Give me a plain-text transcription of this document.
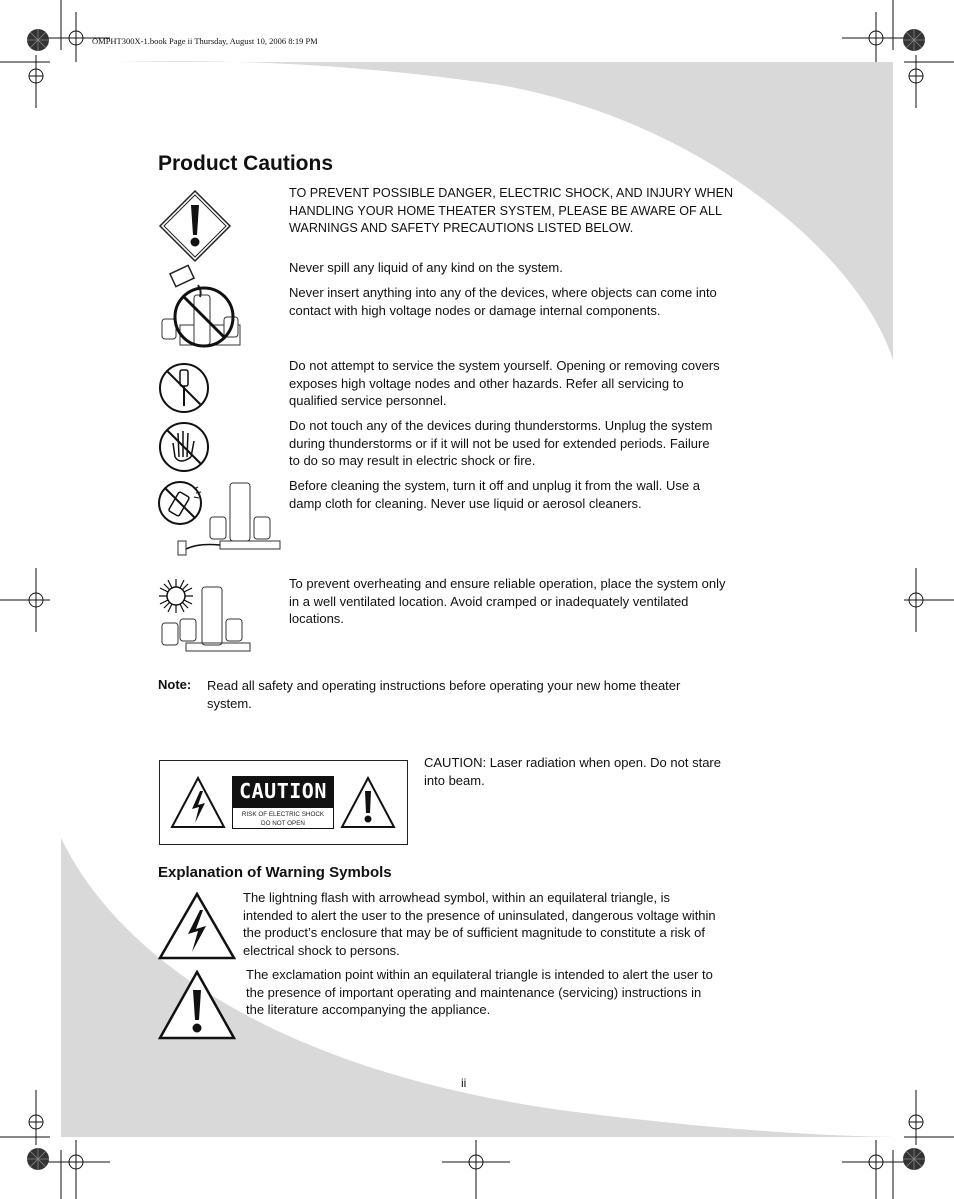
OMPHT300X-1.book Page ii Thursday, August 10, 2006 8:19 PM
Product Cautions

TO PREVENT POSSIBLE DANGER, ELECTRIC SHOCK, AND INJURY WHEN

HANDLING YOUR HOME THEATER SYSTEM, PLEASE BE AWARE OF ALL

WARNINGS AND SAFETY PRECAUTIONS LISTED BELOW.

Never spill any liquid of any kind on the system.

Never insert anything into any of the devices, where objects can come into

contact with high voltage nodes or damage internal components.

Do not attempt to service the system yourself. Opening or removing covers

exposes high voltage nodes and other hazards. Refer all servicing to

qualified service personnel.

Do not touch any of the devices during thunderstorms. Unplug the system

during thunderstorms or if it will not be used for extended periods. Failure

to do so may result in electric shock or fire.

Before cleaning the system, turn it off and unplug it from the wall. Use a

damp cloth for cleaning. Never use liquid or aerosol cleaners.

To prevent overheating and ensure reliable operation, place the system only

in a well ventilated location. Avoid cramped or inadequately ventilated

locations.

Note: Read all safety and operating instructions before operating your new home theater

system.

CAUTION
RISK OF ELECTRIC SHOCK
DO NOT OPEN

CAUTION: Laser radiation when open. Do not stare

into beam.

Explanation of Warning Symbols

The lightning flash with arrowhead symbol, within an equilateral triangle, is

intended to alert the user to the presence of uninsulated, dangerous voltage within

the product’s enclosure that may be of sufficient magnitude to constitute a risk of

electrical shock to persons.

The exclamation point within an equilateral triangle is intended to alert the user to

the presence of important operating and maintenance (servicing) instructions in

the literature accompanying the appliance.

ii
